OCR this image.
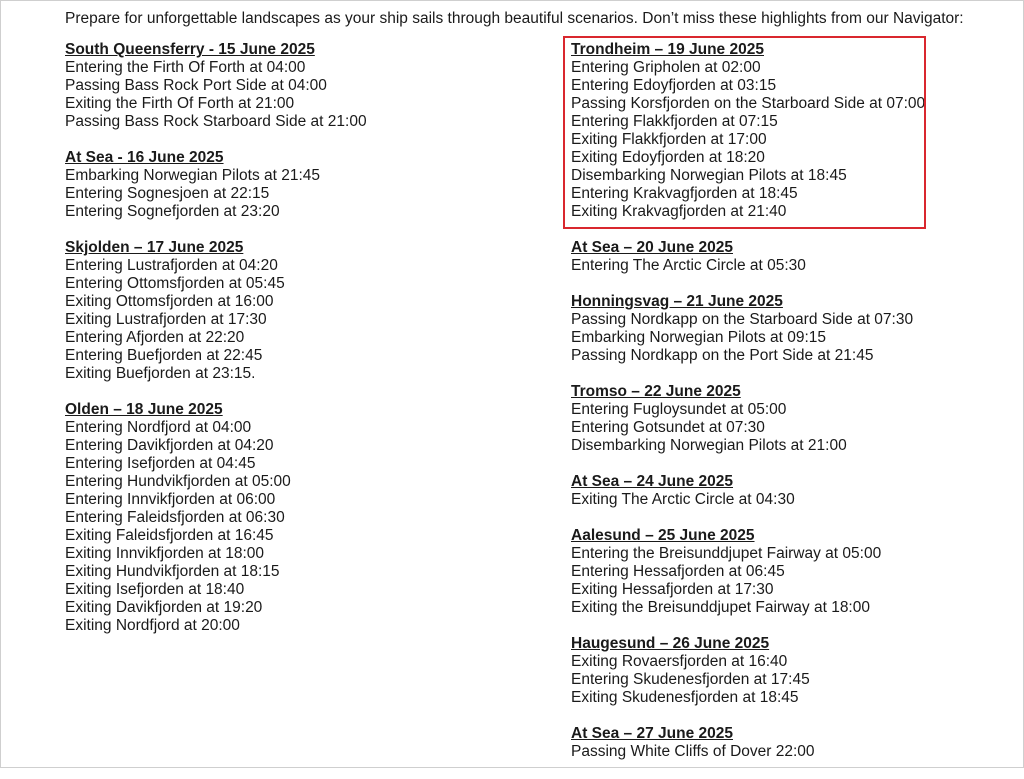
Prepare for unforgettable landscapes as your ship sails through beautiful scenarios. Don’t miss these highlights from our Navigator:
South Queensferry - 15 June 2025
Entering the Firth Of Forth at 04:00
Passing Bass Rock Port Side at 04:00
Exiting the Firth Of Forth at 21:00
Passing Bass Rock Starboard Side at 21:00
At Sea - 16 June 2025
Embarking Norwegian Pilots at 21:45
Entering Sognesjoen at 22:15
Entering Sognefjorden at 23:20
Skjolden – 17 June 2025
Entering Lustrafjorden at 04:20
Entering Ottomsfjorden at 05:45
Exiting Ottomsfjorden at 16:00
Exiting Lustrafjorden at 17:30
Entering Afjorden at 22:20
Entering Buefjorden at 22:45
Exiting Buefjorden at 23:15.
Olden – 18 June 2025
Entering Nordfjord at 04:00
Entering Davikfjorden at 04:20
Entering Isefjorden at 04:45
Entering Hundvikfjorden at 05:00
Entering Innvikfjorden at 06:00
Entering Faleidsfjorden at 06:30
Exiting Faleidsfjorden at 16:45
Exiting Innvikfjorden at 18:00
Exiting Hundvikfjorden at 18:15
Exiting Isefjorden at 18:40
Exiting Davikfjorden at 19:20
Exiting Nordfjord at 20:00
Trondheim – 19 June 2025
Entering Gripholen at 02:00
Entering Edoyfjorden at 03:15
Passing Korsfjorden on the Starboard Side at 07:00
Entering Flakkfjorden at 07:15
Exiting Flakkfjorden at 17:00
Exiting Edoyfjorden at 18:20
Disembarking Norwegian Pilots at 18:45
Entering Krakvagfjorden at 18:45
Exiting Krakvagfjorden at 21:40
At Sea – 20 June 2025
Entering The Arctic Circle at 05:30
Honningsvag – 21 June 2025
Passing Nordkapp on the Starboard Side at 07:30
Embarking Norwegian Pilots at 09:15
Passing Nordkapp on the Port Side at 21:45
Tromso – 22 June 2025
Entering Fugloysundet at 05:00
Entering Gotsundet at 07:30
Disembarking Norwegian Pilots at 21:00
At Sea – 24 June 2025
Exiting The Arctic Circle at 04:30
Aalesund – 25 June 2025
Entering the Breisunddjupet Fairway at 05:00
Entering Hessafjorden at 06:45
Exiting Hessafjorden at 17:30
Exiting the Breisunddjupet Fairway at 18:00
Haugesund – 26 June 2025
Exiting Rovaersfjorden at 16:40
Entering Skudenesfjorden at 17:45
Exiting Skudenesfjorden at 18:45
At Sea – 27 June 2025
Passing White Cliffs of Dover 22:00
